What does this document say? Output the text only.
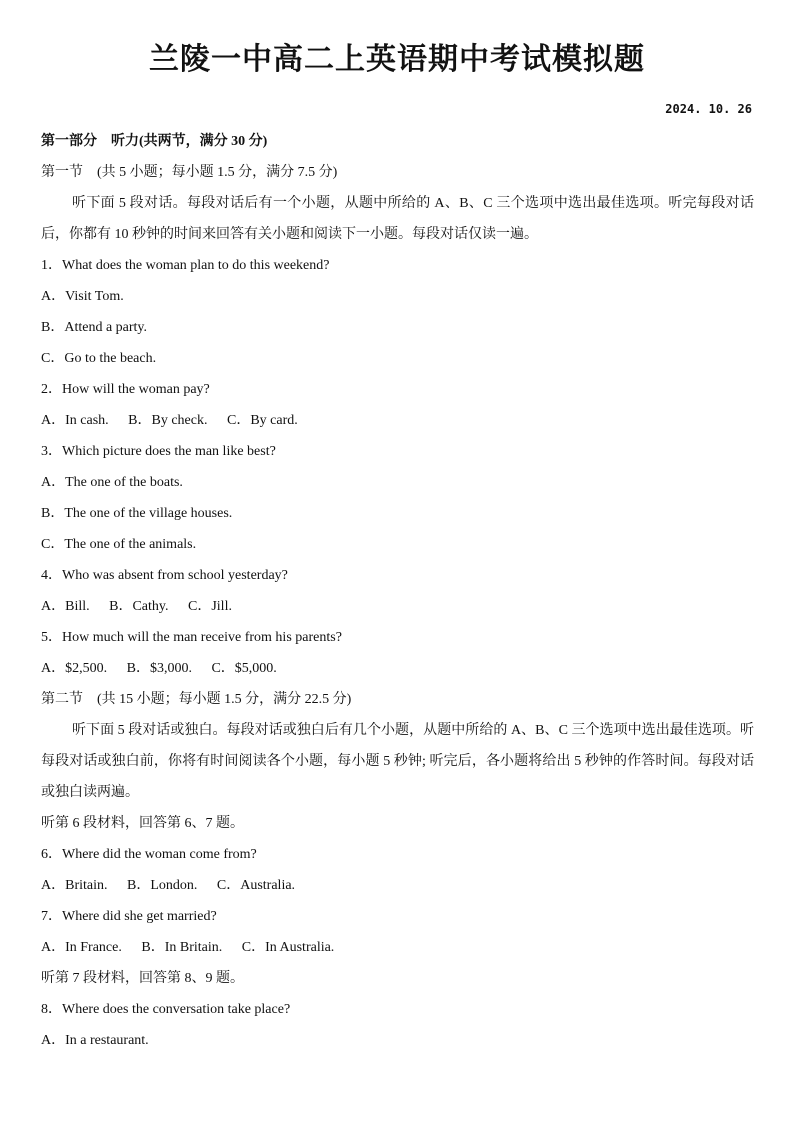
兰陵一中高二上英语期中考试模拟题
2024. 10. 26
第一部分　听力(共两节，满分 30 分)
第一节　(共 5 小题；每小题 1.5 分，满分 7.5 分)

听下面 5 段对话。每段对话后有一个小题，从题中所给的 A、B、C 三个选项中选出最佳选项。听完每段对话后，你都有 10 秒钟的时间来回答有关小题和阅读下一小题。每段对话仅读一遍。

1．What does the woman plan to do this weekend?
A．Visit Tom.
B．Attend a party.
C．Go to the beach.
2．How will the woman pay?
A．In cash. B．By check. C．By card.
3．Which picture does the man like best?
A．The one of the boats.
B．The one of the village houses.
C．The one of the animals.
4．Who was absent from school yesterday?
A．Bill. B．Cathy. C．Jill.
5．How much will the man receive from his parents?
A．$2,500. B．$3,000. C．$5,000.
第二节　(共 15 小题；每小题 1.5 分，满分 22.5 分)

听下面 5 段对话或独白。每段对话或独白后有几个小题，从题中所给的 A、B、C 三个选项中选出最佳选项。听每段对话或独白前，你将有时间阅读各个小题，每小题 5 秒钟; 听完后，各小题将给出 5 秒钟的作答时间。每段对话或独白读两遍。

听第 6 段材料，回答第 6、7 题。
6．Where did the woman come from?
A．Britain. B．London. C．Australia.
7．Where did she get married?
A．In France. B．In Britain. C．In Australia.
听第 7 段材料，回答第 8、9 题。
8．Where does the conversation take place?
A．In a restaurant.
